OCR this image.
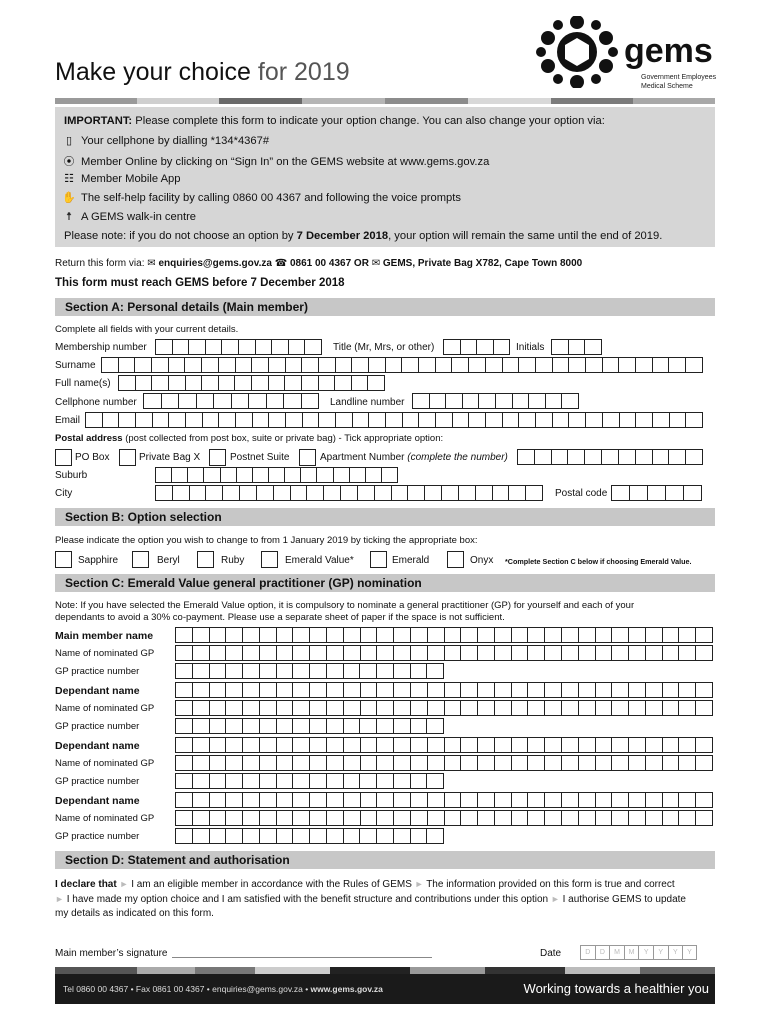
Make your choice for 2019
gems
Government Employees
Medical Scheme
IMPORTANT: Please complete this form to indicate your option change. You can also change your option via:
▯ Your cellphone by dialling *134*4367#
⦿ Member Online by clicking on “Sign In” on the GEMS website at www.gems.gov.za
☷ Member Mobile App
✋ The self-help facility by calling 0860 00 4367 and following the voice prompts
☨ A GEMS walk-in centre
Please note: if you do not choose an option by 7 December 2018, your option will remain the same until the end of 2019.
Return this form via: ✉ enquiries@gems.gov.za ☎ 0861 00 4367 OR ✉ GEMS, Private Bag X782, Cape Town 8000
This form must reach GEMS before 7 December 2018
Section A: Personal details (Main member)
Complete all fields with your current details.
Membership number	Title (Mr, Mrs, or other)	Initials
Surname
Full name(s)
Cellphone number	Landline number
Email
Postal address (post collected from post box, suite or private bag) - Tick appropriate option:
PO Box	Private Bag X	Postnet Suite	Apartment Number (complete the number)
Suburb
City	Postal code
Section B: Option selection
Please indicate the option you wish to change to from 1 January 2019 by ticking the appropriate box:
Sapphire	Beryl	Ruby	Emerald Value*	Emerald	Onyx *Complete Section C below if choosing Emerald Value.
Section C: Emerald Value general practitioner (GP) nomination
Note: If you have selected the Emerald Value option, it is compulsory to nominate a general practitioner (GP) for yourself and each of your
dependants to avoid a 30% co-payment. Please use a separate sheet of paper if the space is not sufficient.
Main member name
Name of nominated GP
GP practice number
Dependant name
Name of nominated GP
GP practice number
Dependant name
Name of nominated GP
GP practice number
Dependant name
Name of nominated GP
GP practice number
Section D: Statement and authorisation
I declare that ► I am an eligible member in accordance with the Rules of GEMS ► The information provided on this form is true and correct
► I have made my option choice and I am satisfied with the benefit structure and contributions under this option ► I authorise GEMS to update
my details as indicated on this form.
Main member’s signature	Date	D	D	M	M	Y	Y	Y	Y
Tel 0860 00 4367 • Fax 0861 00 4367 • enquiries@gems.gov.za • www.gems.gov.za	Working towards a healthier you
